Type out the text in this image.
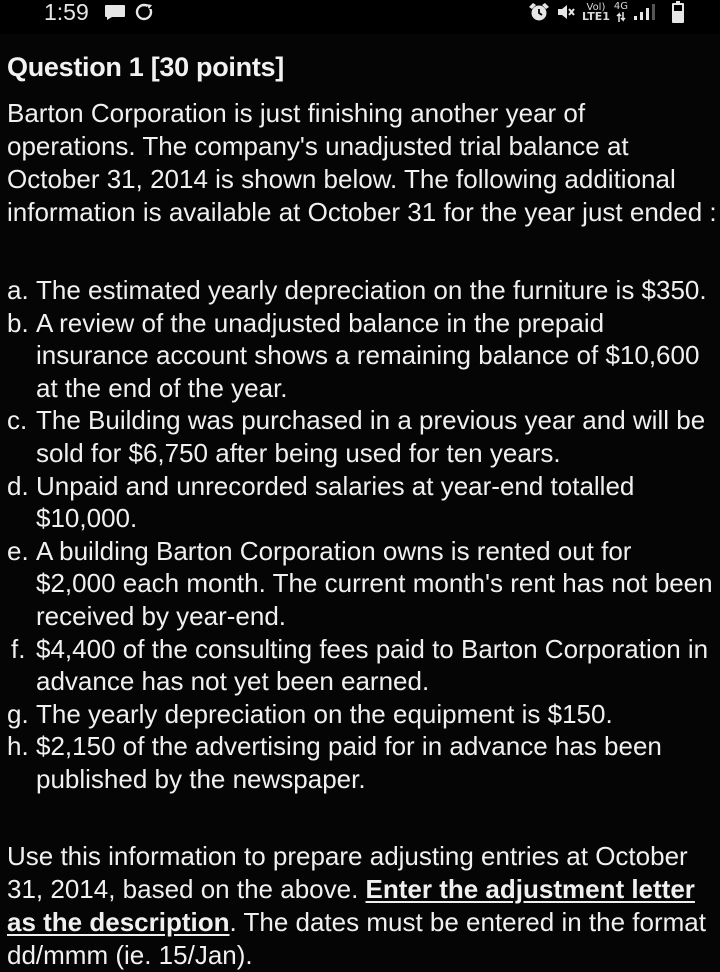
1:59	Vol)
LTE1
4G
Question 1 [30 points]
Barton Corporation is just finishing another year of operations. The company's unadjusted trial balance at October 31, 2014 is shown below. The following additional information is available at October 31 for the year just ended :
a. The estimated yearly depreciation on the furniture is $350.
b. A review of the unadjusted balance in the prepaid insurance account shows a remaining balance of $10,600 at the end of the year.
c. The Building was purchased in a previous year and will be sold for $6,750 after being used for ten years.
d. Unpaid and unrecorded salaries at year-end totalled $10,000.
e. A building Barton Corporation owns is rented out for $2,000 each month. The current month's rent has not been received by year-end.
f. $4,400 of the consulting fees paid to Barton Corporation in advance has not yet been earned.
g. The yearly depreciation on the equipment is $150.
h. $2,150 of the advertising paid for in advance has been published by the newspaper.
Use this information to prepare adjusting entries at October 31, 2014, based on the above. Enter the adjustment letter as the description. The dates must be entered in the format dd/mmm (ie. 15/Jan).
